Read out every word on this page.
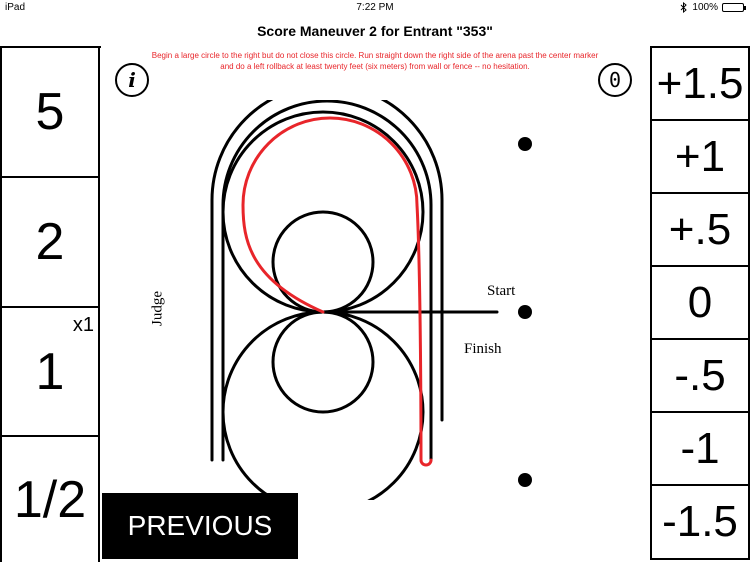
iPad	7:22 PM	100%
Score Maneuver 2 for Entrant "353"
5
2
1
x1
1/2
Begin a large circle to the right but do not close this circle. Run straight down the right side of the arena past the center marker and do a left rollback at least twenty feet (six meters) from wall or fence -- no hesitation.
i	0
Judge	Start
Finish
PREVIOUS
+1.5
+1
+.5
0
-.5
-1
-1.5
